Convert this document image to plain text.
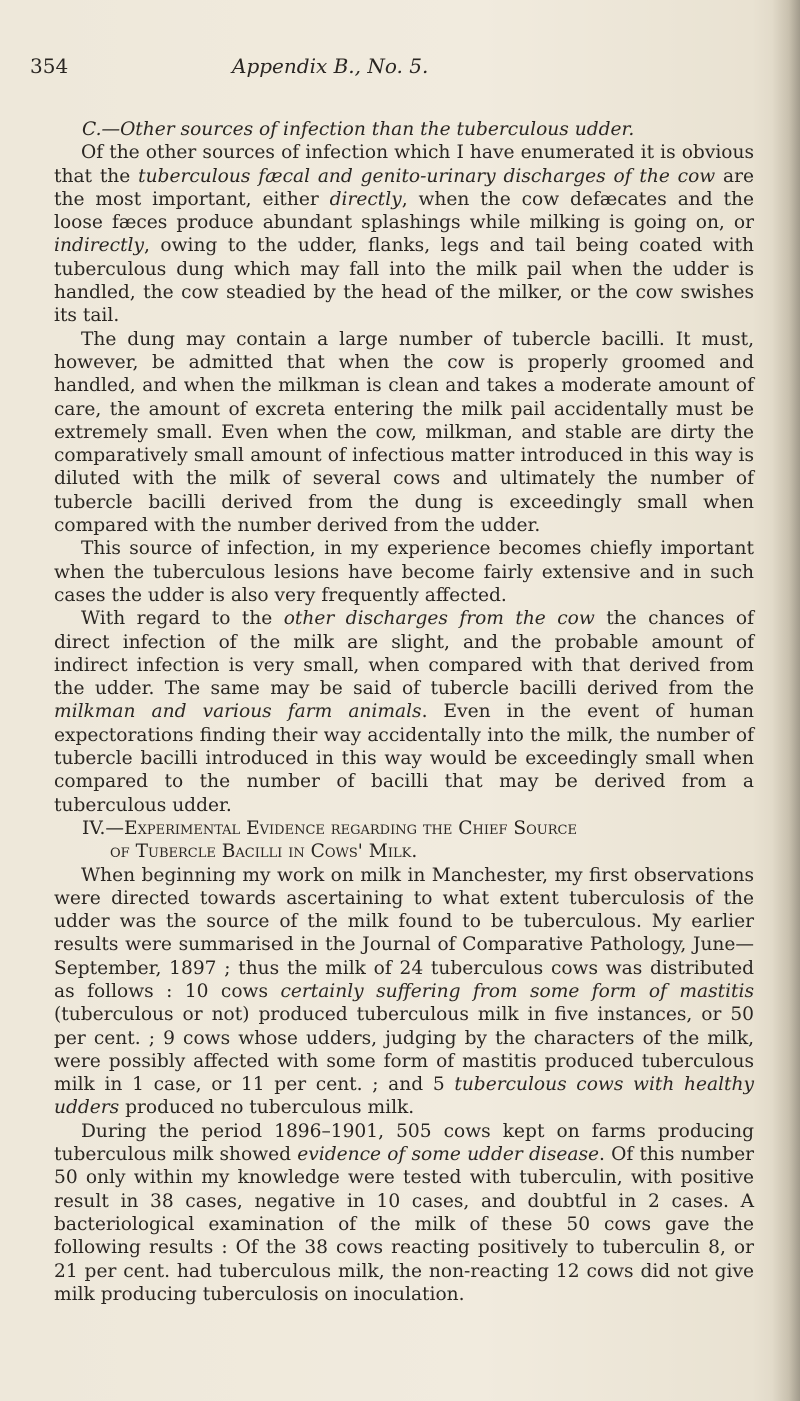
354	Appendix B., No. 5.

C.—Other sources of infection than the tuberculous udder.

Of the other sources of infection which I have enumerated it is obvious that the tuberculous fæcal and genito-urinary discharges of the cow are the most important, either directly, when the cow defæcates and the loose fæces produce abundant splashings while milking is going on, or indirectly, owing to the udder, flanks, legs and tail being coated with tuberculous dung which may fall into the milk pail when the udder is handled, the cow steadied by the head of the milker, or the cow swishes its tail.

The dung may contain a large number of tubercle bacilli. It must, however, be admitted that when the cow is properly groomed and handled, and when the milkman is clean and takes a moderate amount of care, the amount of excreta entering the milk pail accidentally must be extremely small. Even when the cow, milkman, and stable are dirty the comparatively small amount of infectious matter introduced in this way is diluted with the milk of several cows and ultimately the number of tubercle bacilli derived from the dung is exceedingly small when compared with the number derived from the udder.

This source of infection, in my experience becomes chiefly important when the tuberculous lesions have become fairly extensive and in such cases the udder is also very frequently affected.

With regard to the other discharges from the cow the chances of direct infection of the milk are slight, and the probable amount of indirect infection is very small, when compared with that derived from the udder. The same may be said of tubercle bacilli derived from the milkman and various farm animals. Even in the event of human expectorations finding their way accidentally into the milk, the number of tubercle bacilli introduced in this way would be exceedingly small when compared to the number of bacilli that may be derived from a tuberculous udder.

IV.—Experimental Evidence regarding the Chief Source
of Tubercle Bacilli in Cows' Milk.

When beginning my work on milk in Manchester, my first observations were directed towards ascertaining to what extent tuberculosis of the udder was the source of the milk found to be tuberculous. My earlier results were summarised in the Journal of Comparative Pathology, June—September, 1897 ; thus the milk of 24 tuberculous cows was distributed as follows : 10 cows certainly suffering from some form of mastitis (tuberculous or not) produced tuberculous milk in five instances, or 50 per cent. ; 9 cows whose udders, judging by the characters of the milk, were possibly affected with some form of mastitis produced tuberculous milk in 1 case, or 11 per cent. ; and 5 tuberculous cows with healthy udders produced no tuberculous milk.

During the period 1896–1901, 505 cows kept on farms producing tuberculous milk showed evidence of some udder disease. Of this number 50 only within my knowledge were tested with tuberculin, with positive result in 38 cases, negative in 10 cases, and doubtful in 2 cases. A bacteriological examination of the milk of these 50 cows gave the following results : Of the 38 cows reacting positively to tuberculin 8, or 21 per cent. had tuberculous milk, the non-reacting 12 cows did not give milk producing tuberculosis on inoculation.
